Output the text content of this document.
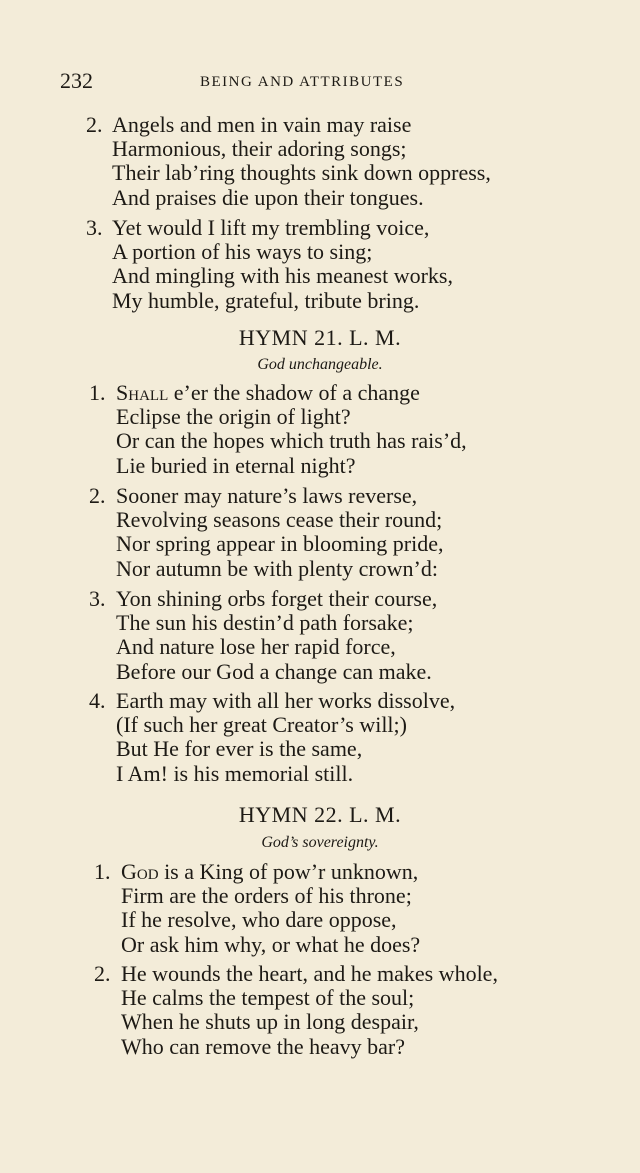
232	BEING AND ATTRIBUTES
2. Angels and men in vain may raise
Harmonious, their adoring songs;
Their lab’ring thoughts sink down oppress,
And praises die upon their tongues.
3. Yet would I lift my trembling voice,
A portion of his ways to sing;
And mingling with his meanest works,
My humble, grateful, tribute bring.
HYMN 21. L. M.
God unchangeable.
1. Shall e’er the shadow of a change
Eclipse the origin of light?
Or can the hopes which truth has rais’d,
Lie buried in eternal night?
2. Sooner may nature’s laws reverse,
Revolving seasons cease their round;
Nor spring appear in blooming pride,
Nor autumn be with plenty crown’d:
3. Yon shining orbs forget their course,
The sun his destin’d path forsake;
And nature lose her rapid force,
Before our God a change can make.
4. Earth may with all her works dissolve,
(If such her great Creator’s will;)
But He for ever is the same,
I Am! is his memorial still.
HYMN 22. L. M.
God’s sovereignty.
1. God is a King of pow’r unknown,
Firm are the orders of his throne;
If he resolve, who dare oppose,
Or ask him why, or what he does?
2. He wounds the heart, and he makes whole,
He calms the tempest of the soul;
When he shuts up in long despair,
Who can remove the heavy bar?
